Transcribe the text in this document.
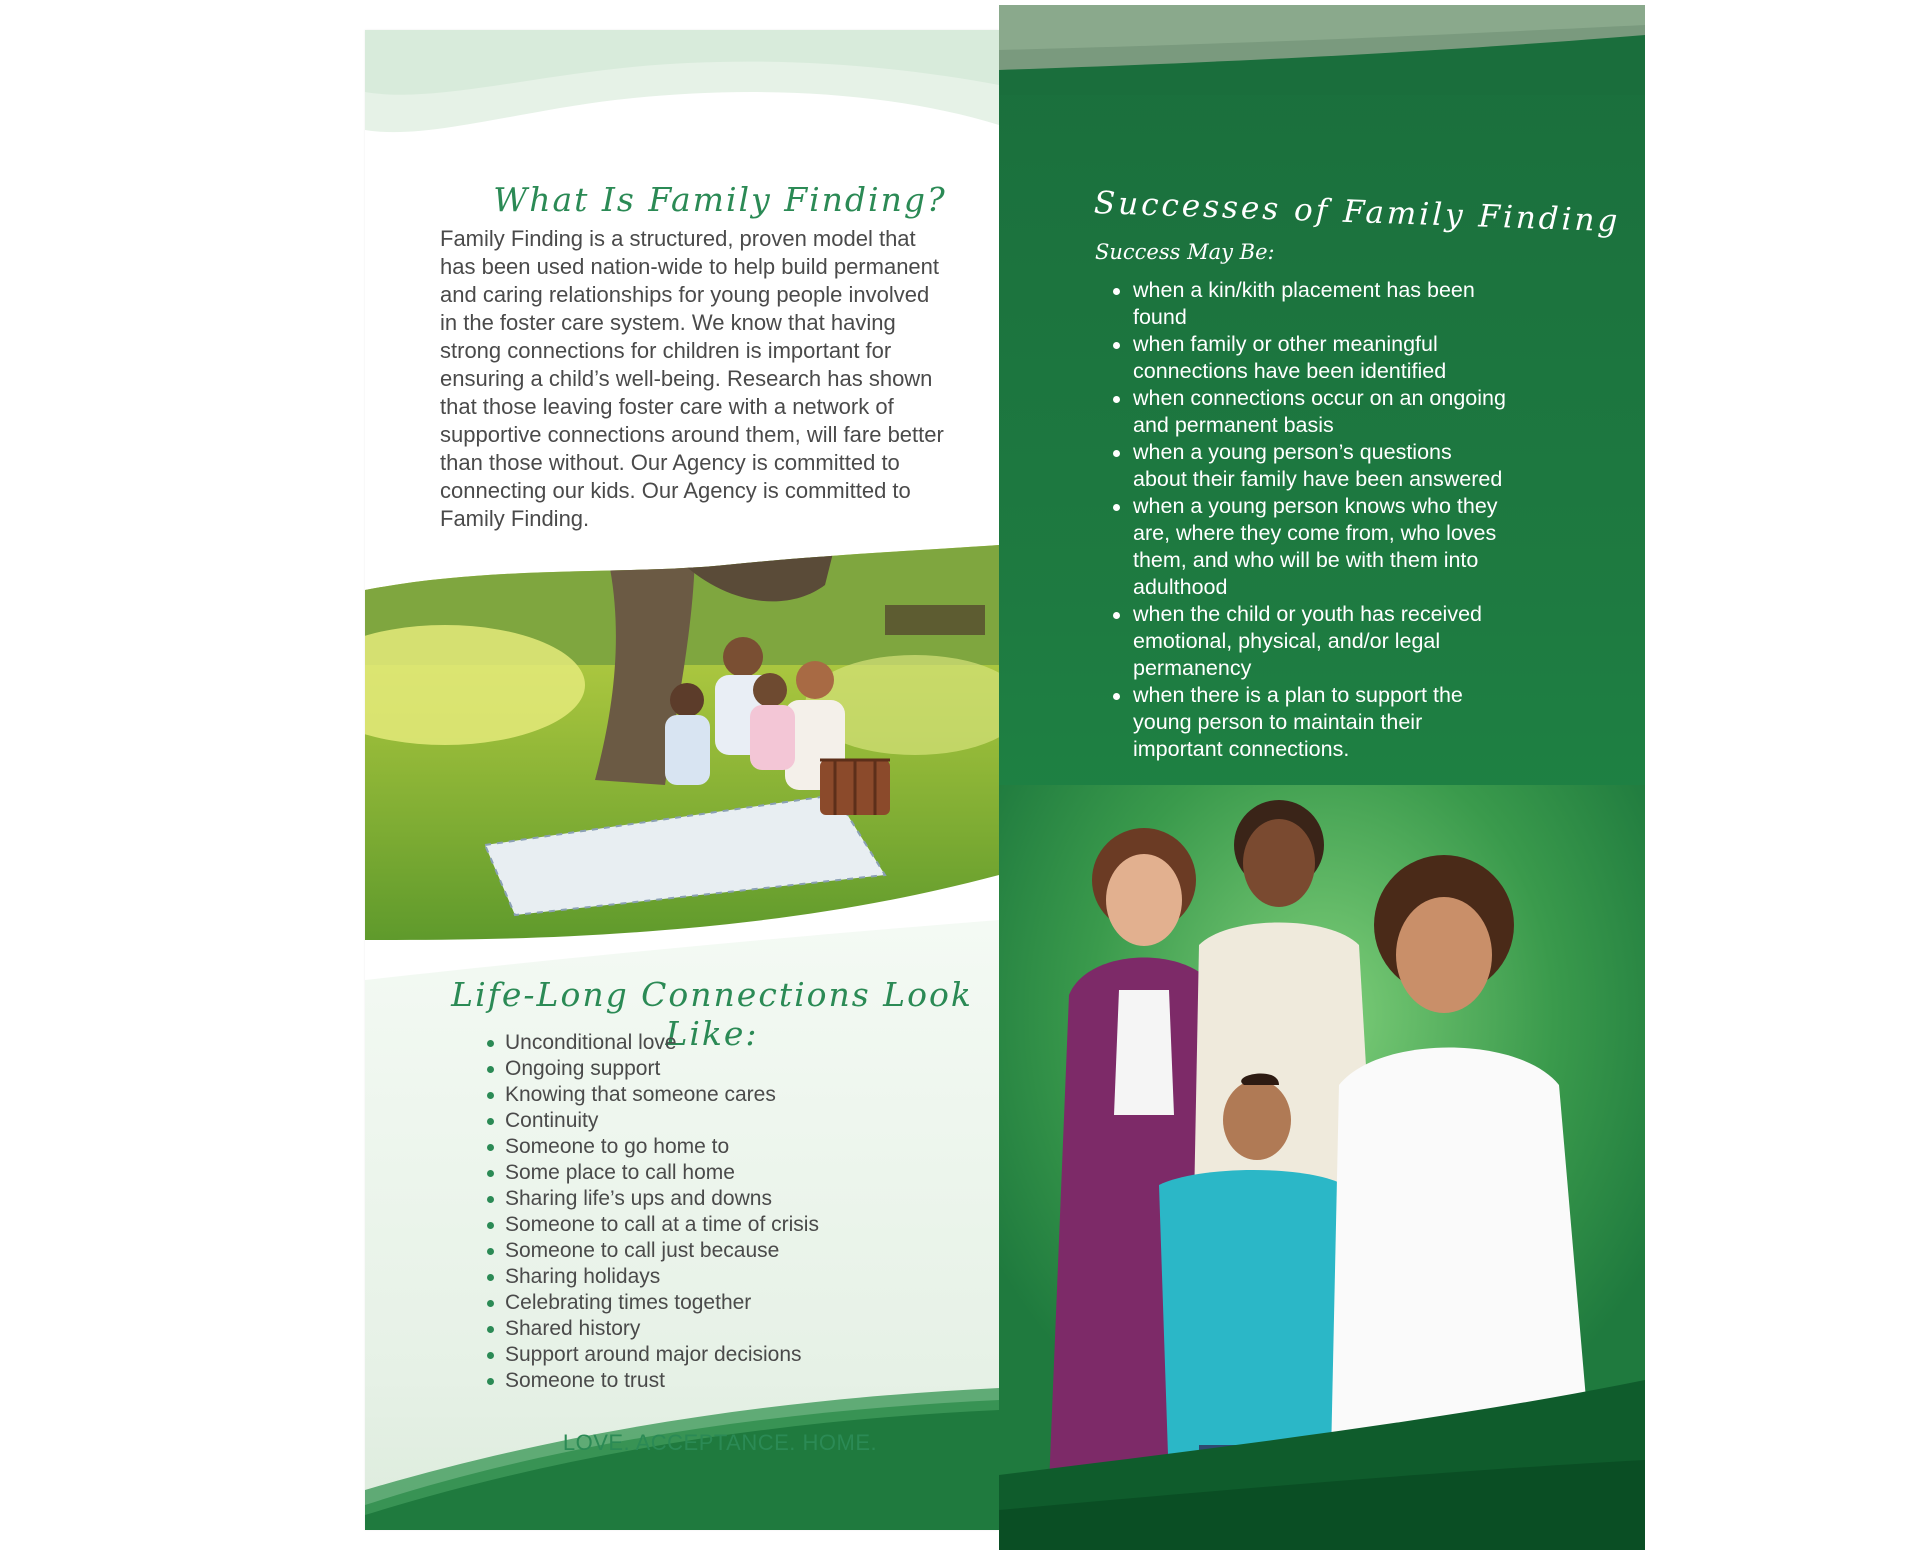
What Is Family Finding?

Family Finding is a structured, proven model that has been used nation-wide to help build permanent and caring relationships for young people involved in the foster care system. We know that having strong connections for children is important for ensuring a child’s well-being. Research has shown that those leaving foster care with a network of supportive connections around them, will fare better than those without. Our Agency is committed to connecting our kids. Our Agency is committed to Family Finding.

Life-Long Connections Look Like:
Unconditional love
Ongoing support
Knowing that someone cares
Continuity
Someone to go home to
Some place to call home
Sharing life’s ups and downs
Someone to call at a time of crisis
Someone to call just because
Sharing holidays
Celebrating times together
Shared history
Support around major decisions
Someone to trust

LOVE. ACCEPTANCE. HOME.

Successes of Family Finding

Success May Be:

when a kin/kith placement has been found
when family or other meaningful connections have been identified
when connections occur on an ongoing and permanent basis
when a young person’s questions about their family have been answered
when a young person knows who they are, where they come from, who loves them, and who will be with them into adulthood
when the child or youth has received emotional, physical, and/or legal permanency
when there is a plan to support the young person to maintain their important connections.
